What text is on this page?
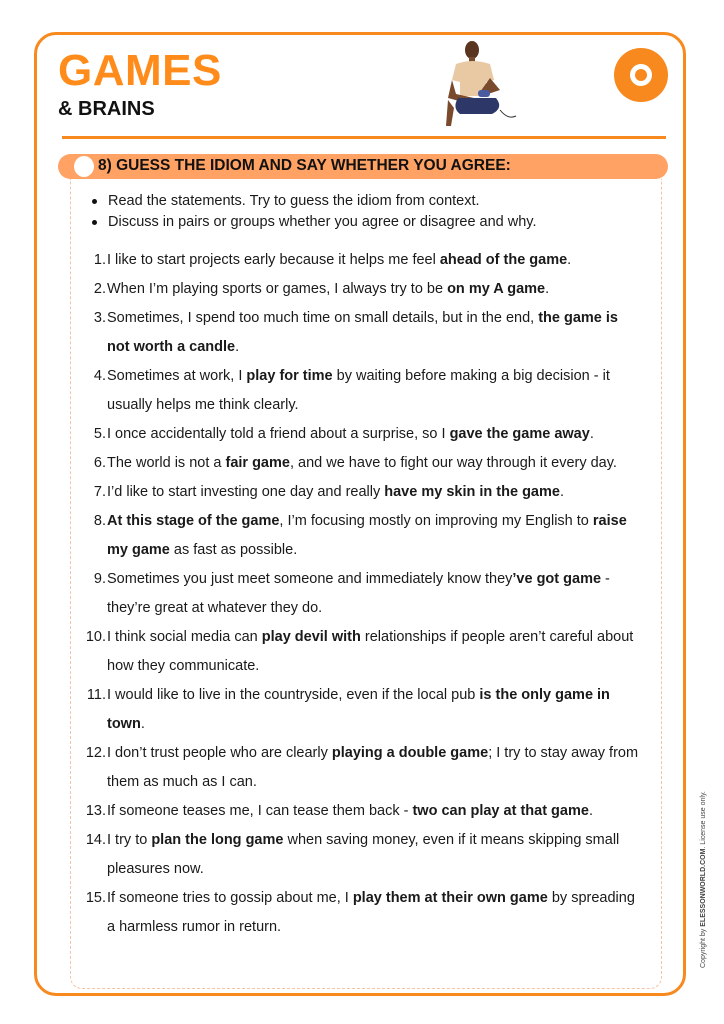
GAMES
& BRAINS
8) GUESS THE IDIOM AND SAY WHETHER YOU AGREE:
Read the statements. Try to guess the idiom from context.
Discuss in pairs or groups whether you agree or disagree and why.
1. I like to start projects early because it helps me feel ahead of the game.
2. When I’m playing sports or games, I always try to be on my A game.
3. Sometimes, I spend too much time on small details, but in the end, the game is not worth a candle.
4. Sometimes at work, I play for time by waiting before making a big decision - it usually helps me think clearly.
5. I once accidentally told a friend about a surprise, so I gave the game away.
6. The world is not a fair game, and we have to fight our way through it every day.
7. I’d like to start investing one day and really have my skin in the game.
8. At this stage of the game, I’m focusing mostly on improving my English to raise my game as fast as possible.
9. Sometimes you just meet someone and immediately know they’ve got game - they’re great at whatever they do.
10. I think social media can play devil with relationships if people aren’t careful about how they communicate.
11. I would like to live in the countryside, even if the local pub is the only game in town.
12. I don’t trust people who are clearly playing a double game; I try to stay away from them as much as I can.
13. If someone teases me, I can tease them back - two can play at that game.
14. I try to plan the long game when saving money, even if it means skipping small pleasures now.
15. If someone tries to gossip about me, I play them at their own game by spreading a harmless rumor in return.	Copyright by ELESSONWORLD.COM. License use only.
